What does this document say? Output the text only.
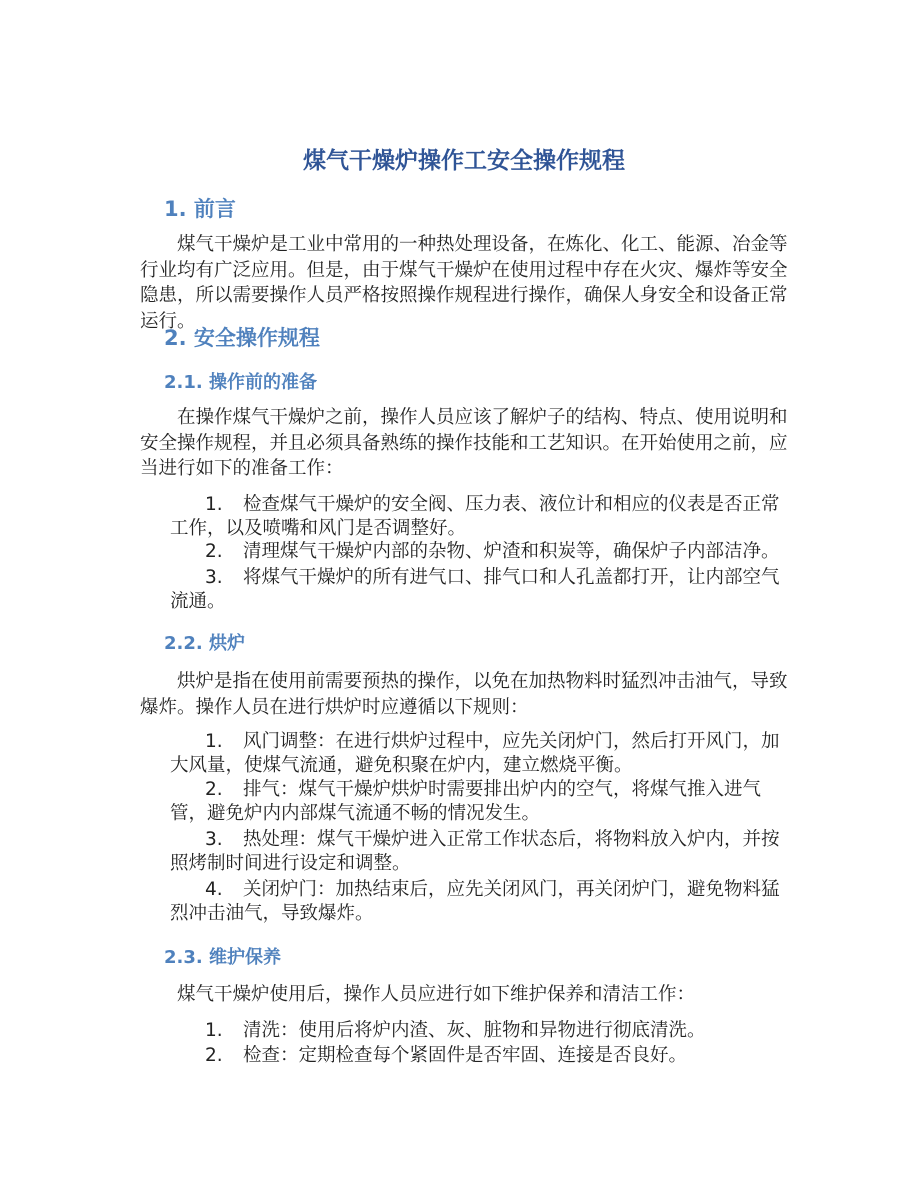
煤气干燥炉操作工安全操作规程
1. 前言

煤气干燥炉是工业中常用的一种热处理设备，在炼化、化工、能源、冶金等行业均有广泛应用。但是，由于煤气干燥炉在使用过程中存在火灾、爆炸等安全隐患，所以需要操作人员严格按照操作规程进行操作，确保人身安全和设备正常运行。

2. 安全操作规程
2.1. 操作前的准备

在操作煤气干燥炉之前，操作人员应该了解炉子的结构、特点、使用说明和安全操作规程，并且必须具备熟练的操作技能和工艺知识。在开始使用之前，应当进行如下的准备工作：

1. 检查煤气干燥炉的安全阀、压力表、液位计和相应的仪表是否正常工作，以及喷嘴和风门是否调整好。

2. 清理煤气干燥炉内部的杂物、炉渣和积炭等，确保炉子内部洁净。

3. 将煤气干燥炉的所有进气口、排气口和人孔盖都打开，让内部空气流通。

2.2. 烘炉

烘炉是指在使用前需要预热的操作，以免在加热物料时猛烈冲击油气，导致爆炸。操作人员在进行烘炉时应遵循以下规则：

1. 风门调整：在进行烘炉过程中，应先关闭炉门，然后打开风门，加大风量，使煤气流通，避免积聚在炉内，建立燃烧平衡。

2. 排气：煤气干燥炉烘炉时需要排出炉内的空气，将煤气推入进气管，避免炉内内部煤气流通不畅的情况发生。

3. 热处理：煤气干燥炉进入正常工作状态后，将物料放入炉内，并按照烤制时间进行设定和调整。

4. 关闭炉门：加热结束后，应先关闭风门，再关闭炉门，避免物料猛烈冲击油气，导致爆炸。

2.3. 维护保养

煤气干燥炉使用后，操作人员应进行如下维护保养和清洁工作：

1. 清洗：使用后将炉内渣、灰、脏物和异物进行彻底清洗。

2. 检查：定期检查每个紧固件是否牢固、连接是否良好。
